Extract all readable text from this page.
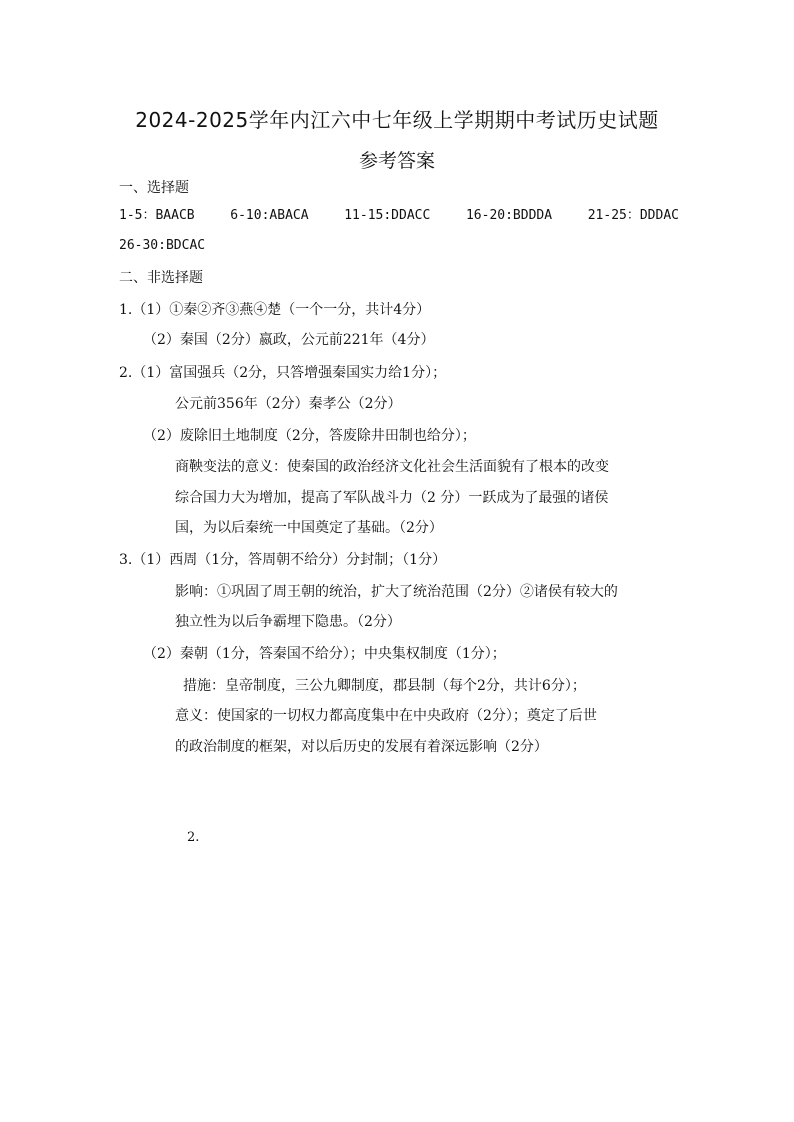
2024-2025学年内江六中七年级上学期期中考试历史试题
参考答案
一、选择题
1-5：BAACB	6-10:ABACA	11-15:DDACC	16-20:BDDDA	21-25：DDDAC
26-30:BDCAC
二、非选择题
1.（1）①秦②齐③燕④楚（一个一分，共计4分）
（2）秦国（2分）嬴政，公元前221年（4分）
2.（1）富国强兵（2分，只答增强秦国实力给1分）；
公元前356年（2分）秦孝公（2分）
（2）废除旧土地制度（2分，答废除井田制也给分）；
商鞅变法的意义：使秦国的政治经济文化社会生活面貌有了根本的改变
综合国力大为增加，提高了军队战斗力（2 分）一跃成为了最强的诸侯
国，为以后秦统一中国奠定了基础。（2分）
3.（1）西周（1分，答周朝不给分）分封制；（1分）
影响：①巩固了周王朝的统治，扩大了统治范围（2分）②诸侯有较大的
独立性为以后争霸埋下隐患。（2分）
（2）秦朝（1分，答秦国不给分）；中央集权制度（1分）；
措施：皇帝制度，三公九卿制度，郡县制（每个2分，共计6分）；
意义：使国家的一切权力都高度集中在中央政府（2分）；奠定了后世
的政治制度的框架，对以后历史的发展有着深远影响（2分）
2.
